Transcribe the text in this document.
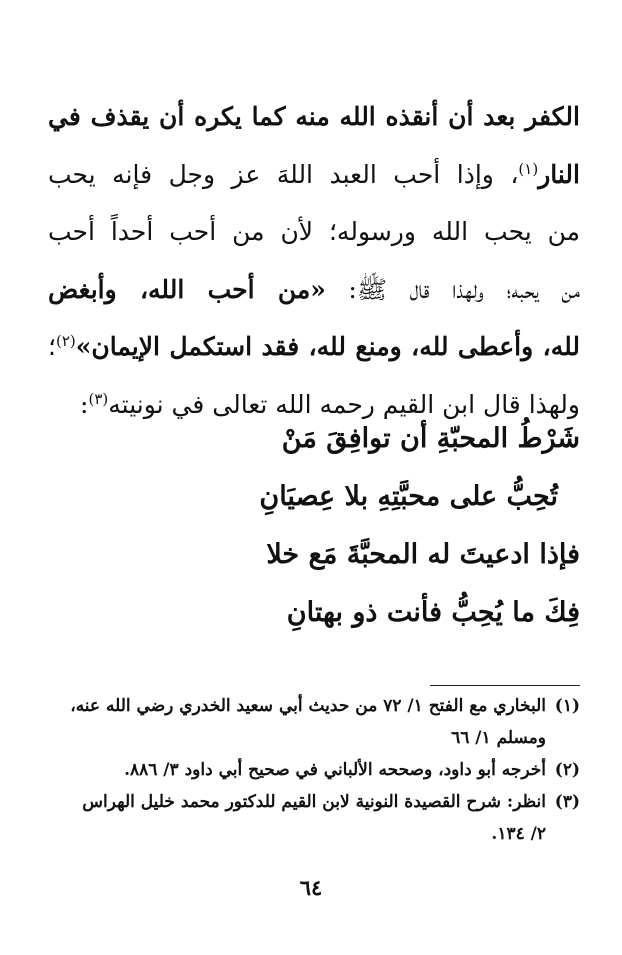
الكفر بعد أن أنقذه الله منه كما يكره أن يقذف في
النار$^{(١)}$، وإذا أحب العبد اللهَ عز وجل فإنه يحب
من يحب الله ورسوله؛ لأن من أحب أحداً أحب
من يحبه؛ ولهذا قال ﷺ: «من أحب الله، وأبغض
لله، وأعطى لله، ومنع لله، فقد استكمل الإيمان»$^{(٢)}$؛
ولهذا قال ابن القيم رحمه الله تعالى في نونيته$^{(٣)}$:
شَرْطُ المحبّةِ أن توافِقَ مَنْ
تُحِبُّ على محبَّتِهِ بلا عِصيَانِ
فإذا ادعيتَ له المحبَّةَ مَع خلا
فِكَ ما يُحِبُّ فأنت ذو بهتانِ
(١)البخاري مع الفتح ١/ ٧٢ من حديث أبي سعيد الخدري رضي الله عنه،
ومسلم ١/ ٦٦
(٢)أخرجه أبو داود، وصححه الألباني في صحيح أبي داود ٣/ ٨٨٦.
(٣)انظر: شرح القصيدة النونية لابن القيم للدكتور محمد خليل الهراس
٢/ ١٣٤.
٦٤
